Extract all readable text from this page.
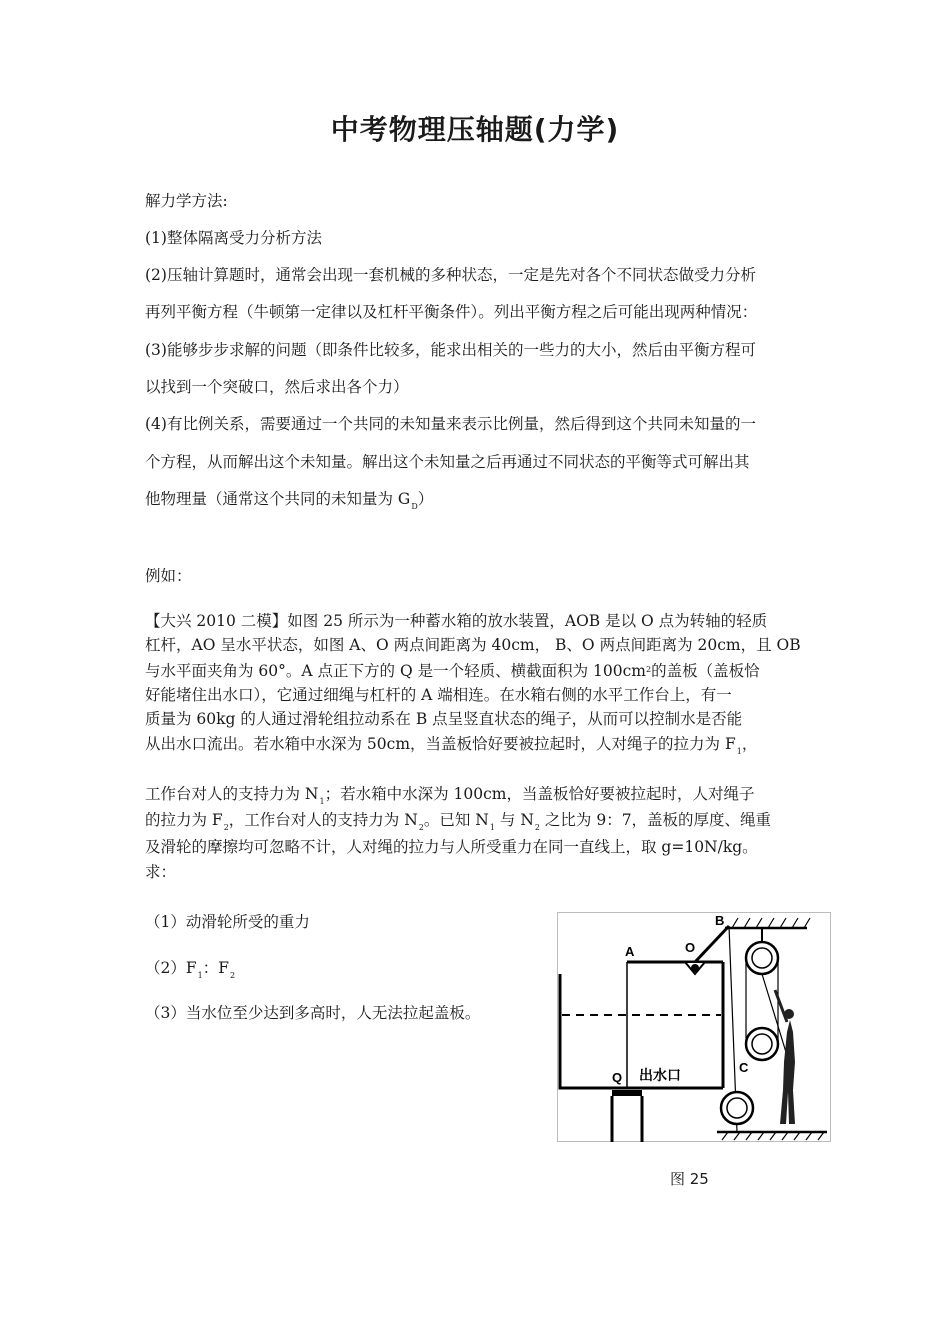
中考物理压轴题(力学)
解力学方法:
(1)整体隔离受力分析方法
(2)压轴计算题时，通常会出现一套机械的多种状态，一定是先对各个不同状态做受力分析
再列平衡方程（牛顿第一定律以及杠杆平衡条件）。列出平衡方程之后可能出现两种情况：
(3)能够步步求解的问题（即条件比较多，能求出相关的一些力的大小，然后由平衡方程可
以找到一个突破口，然后求出各个力）
(4)有比例关系，需要通过一个共同的未知量来表示比例量，然后得到这个共同未知量的一
个方程，从而解出这个未知量。解出这个未知量之后再通过不同状态的平衡等式可解出其
他物理量（通常这个共同的未知量为 $G_D$）
例如：
【大兴 2010 二模】如图 25 所示为一种蓄水箱的放水装置，AOB 是以 O 点为转轴的轻质
杠杆，AO 呈水平状态，如图 A、O 两点间距离为 40cm， B、O 两点间距离为 20cm，且 OB
与水平面夹角为 60°。A 点正下方的 Q 是一个轻质、横截面积为 $100cm^2$的盖板（盖板恰
好能堵住出水口），它通过细绳与杠杆的 A 端相连。在水箱右侧的水平工作台上，有一
质量为 60kg 的人通过滑轮组拉动系在 B 点呈竖直状态的绳子，从而可以控制水是否能
从出水口流出。若水箱中水深为 50cm，当盖板恰好要被拉起时，人对绳子的拉力为 $F_1$，
工作台对人的支持力为 $N_1$；若水箱中水深为 100cm，当盖板恰好要被拉起时，人对绳子
的拉力为 $F_2$，工作台对人的支持力为 $N_2$。已知 $N_1$ 与 $N_2$ 之比为 9：7，盖板的厚度、绳重
及滑轮的摩擦均可忽略不计，人对绳的拉力与人所受重力在同一直线上，取 g=10N/kg。
求：
（1）动滑轮所受的重力
$(2)F_1$：$F_2$
（3）当水位至少达到多高时，人无法拉起盖板。
A	O
B
Q
C
出水口
图 25
